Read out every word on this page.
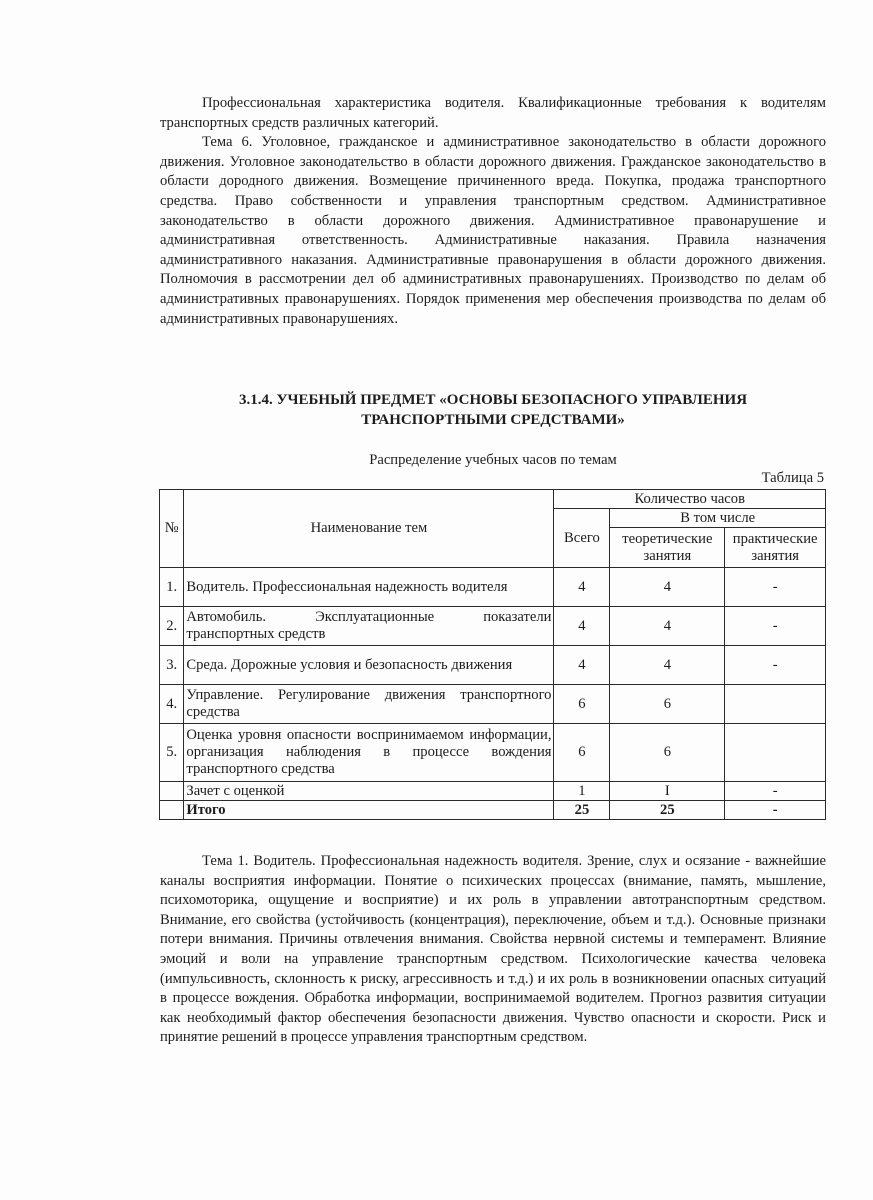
Профессиональная характеристика водителя. Квалификационные требования к водителям транспортных средств различных категорий.

Тема 6. Уголовное, гражданское и административное законодательство в области дорожного движения. Уголовное законодательство в области дорожного движения. Гражданское законодательство в области дородного движения. Возмещение причиненного вреда. Покупка, продажа транспортного средства. Право собственности и управления транспортным средством. Административное законодательство в области дорожного движения. Административное правонарушение и административная ответственность. Административные наказания. Правила назначения административного наказания. Административные правонарушения в области дорожного движения. Полномочия в рассмотрении дел об административных правонарушениях. Производство по делам об административных правонарушениях. Порядок применения мер обеспечения производства по делам об административных правонарушениях.

3.1.4. УЧЕБНЫЙ ПРЕДМЕТ «ОСНОВЫ БЕЗОПАСНОГО УПРАВЛЕНИЯ
ТРАНСПОРТНЫМИ СРЕДСТВАМИ»
Распределение учебных часов по темам
Таблица 5
№	Наименование тем	Количество часов		
		Всего	В том числе	
			теоретические занятия	практические занятия
1.	Водитель. Профессиональная надежность водителя	4	4	-
2.	Автомобиль. Эксплуатационные показатели транспортных средств	4	4	-
3.	Среда. Дорожные условия и безопасность движения	4	4	-
4.	Управление. Регулирование движения транспортного средства	6	6	
5.	Оценка уровня опасности воспринимаемом информации, организация наблюдения в процессе вождения транспортного средства	6	6	
	Зачет с оценкой	1	I	-
	Итого	25	25	-

Тема 1. Водитель. Профессиональная надежность водителя. Зрение, слух и осязание - важнейшие каналы восприятия информации. Понятие о психических процессах (внимание, память, мышление, психомоторика, ощущение и восприятие) и их роль в управлении автотранспортным средством. Внимание, его свойства (устойчивость (концентрация), переключение, объем и т.д.). Основные признаки потери внимания. Причины отвлечения внимания. Свойства нервной системы и темперамент. Влияние эмоций и воли на управление транспортным средством. Психологические качества человека (импульсивность, склонность к риску, агрессивность и т.д.) и их роль в возникновении опасных ситуаций в процессе вождения. Обработка информации, воспринимаемой водителем. Прогноз развития ситуации как необходимый фактор обеспечения безопасности движения. Чувство опасности и скорости. Риск и принятие решений в процессе управления транспортным средством.
